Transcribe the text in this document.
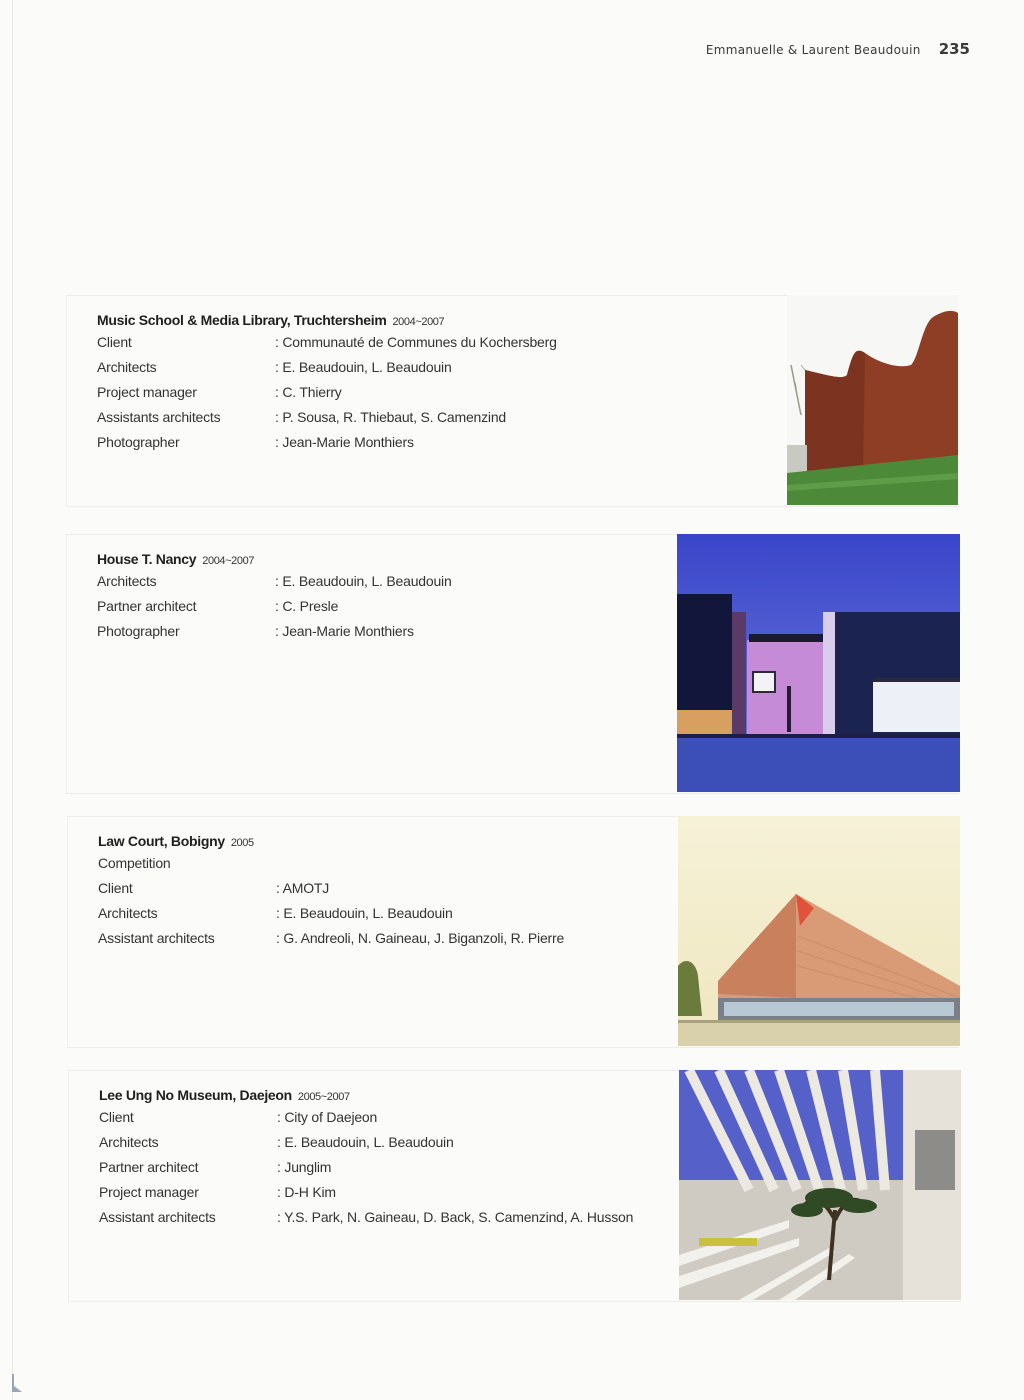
Emmanuelle & Laurent Beaudouin 235
Music School & Media Library, Truchtersheim 2004~2007
Client	: Communauté de Communes du Kochersberg
Architects	: E. Beaudouin, L. Beaudouin
Project manager	: C. Thierry
Assistants architects	: P. Sousa, R. Thiebaut, S. Camenzind
Photographer	: Jean-Marie Monthiers
House T. Nancy 2004~2007
Architects	: E. Beaudouin, L. Beaudouin
Partner architect	: C. Presle
Photographer	: Jean-Marie Monthiers
Law Court, Bobigny 2005
Competition
Client	: AMOTJ
Architects	: E. Beaudouin, L. Beaudouin
Assistant architects	: G. Andreoli, N. Gaineau, J. Biganzoli, R. Pierre
Lee Ung No Museum, Daejeon 2005~2007
Client	: City of Daejeon
Architects	: E. Beaudouin, L. Beaudouin
Partner architect	: Junglim
Project manager	: D-H Kim
Assistant architects	: Y.S. Park, N. Gaineau, D. Back, S. Camenzind, A. Husson
